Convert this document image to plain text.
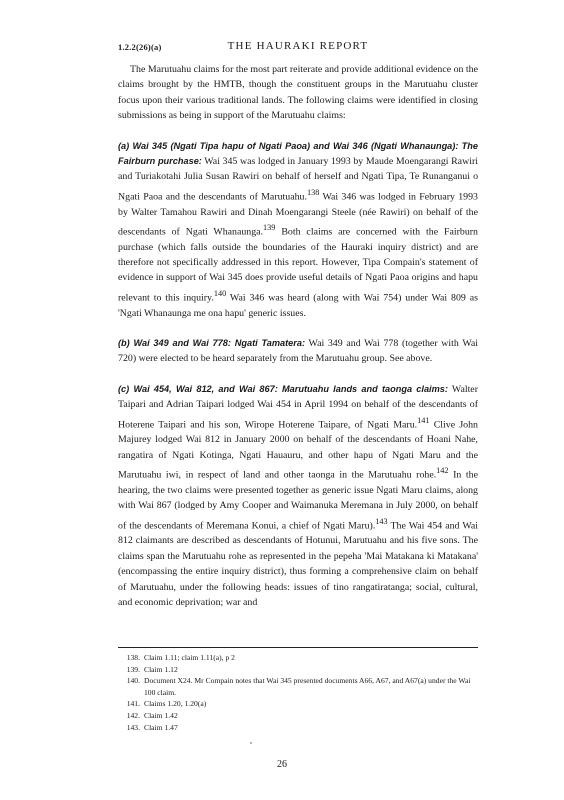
1.2.2(26)(a)	THE HAURAKI REPORT

The Marutuahu claims for the most part reiterate and provide additional evidence on the claims brought by the HMTB, though the constituent groups in the Marutuahu cluster focus upon their various traditional lands. The following claims were identified in closing submissions as being in support of the Marutuahu claims:

(a) Wai 345 (Ngati Tipa hapu of Ngati Paoa) and Wai 346 (Ngati Whanaunga): The Fairburn purchase: Wai 345 was lodged in January 1993 by Maude Moengarangi Rawiri and Turiakotahi Julia Susan Rawiri on behalf of herself and Ngati Tipa, Te Runanganui o Ngati Paoa and the descendants of Marutuahu.$^{138}$ Wai 346 was lodged in February 1993 by Walter Tamahou Rawiri and Dinah Moengarangi Steele (née Rawiri) on behalf of the descendants of Ngati Whanaunga.$^{139}$ Both claims are concerned with the Fairburn purchase (which falls outside the boundaries of the Hauraki inquiry district) and are therefore not specifically addressed in this report. However, Tipa Compain's statement of evidence in support of Wai 345 does provide useful details of Ngati Paoa origins and hapu relevant to this inquiry.$^{140}$ Wai 346 was heard (along with Wai 754) under Wai 809 as 'Ngati Whanaunga me ona hapu' generic issues.

(b) Wai 349 and Wai 778: Ngati Tamatera: Wai 349 and Wai 778 (together with Wai 720) were elected to be heard separately from the Marutuahu group. See above.

(c) Wai 454, Wai 812, and Wai 867: Marutuahu lands and taonga claims: Walter Taipari and Adrian Taipari lodged Wai 454 in April 1994 on behalf of the descendants of Hoterene Taipari and his son, Wirope Hoterene Taipare, of Ngati Maru.$^{141}$ Clive John Majurey lodged Wai 812 in January 2000 on behalf of the descendants of Hoani Nahe, rangatira of Ngati Kotinga, Ngati Hauauru, and other hapu of Ngati Maru and the Marutuahu iwi, in respect of land and other taonga in the Marutuahu rohe.$^{142}$ In the hearing, the two claims were presented together as generic issue Ngati Maru claims, along with Wai 867 (lodged by Amy Cooper and Waimanuka Meremana in July 2000, on behalf of the descendants of Meremana Konui, a chief of Ngati Maru).$^{143}$ The Wai 454 and Wai 812 claimants are described as descendants of Hotunui, Marutuahu and his five sons. The claims span the Marutuahu rohe as represented in the pepeha 'Mai Matakana ki Matakana' (encompassing the entire inquiry district), thus forming a comprehensive claim on behalf of Marutuahu, under the following heads: issues of tino rangatiratanga; social, cultural, and economic deprivation; war and

138. Claim 1.11; claim 1.11(a), p 2
139. Claim 1.12
140. Document X24. Mr Compain notes that Wai 345 presented documents A66, A67, and A67(a) under the Wai 100 claim.
141. Claims 1.20, 1.20(a)
142. Claim 1.42
143. Claim 1.47
26
